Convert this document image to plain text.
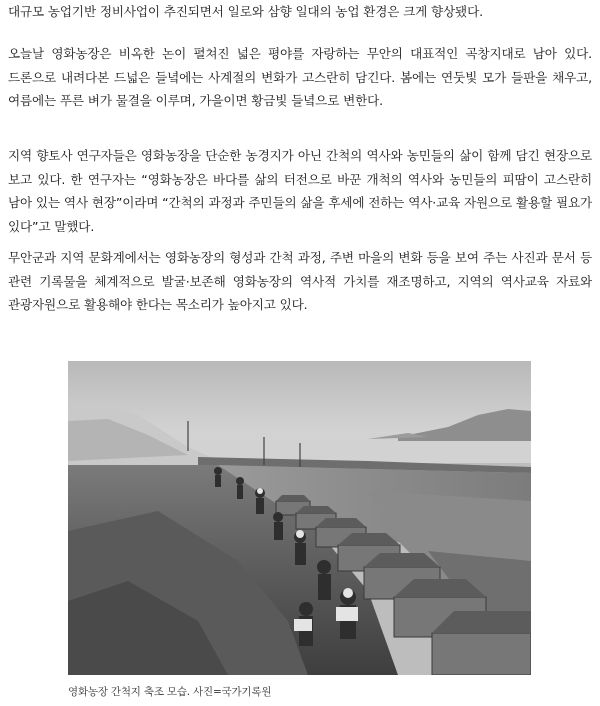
대규모 농업기반 정비사업이 추진되면서 일로와 삼향 일대의 농업 환경은 크게 향상됐다.

오늘날 영화농장은 비옥한 논이 펼쳐진 넓은 평야를 자랑하는 무안의 대표적인 곡창지대로 남아 있다. 드론으로 내려다본 드넓은 들녘에는 사계절의 변화가 고스란히 담긴다. 봄에는 연둣빛 모가 들판을 채우고, 여름에는 푸른 벼가 물결을 이루며, 가을이면 황금빛 들녘으로 변한다.

지역 향토사 연구자들은 영화농장을 단순한 농경지가 아닌 간척의 역사와 농민들의 삶이 함께 담긴 현장으로 보고 있다. 한 연구자는 “영화농장은 바다를 삶의 터전으로 바꾼 개척의 역사와 농민들의 피땀이 고스란히 남아 있는 역사 현장”이라며 “간척의 과정과 주민들의 삶을 후세에 전하는 역사·교육 자원으로 활용할 필요가 있다”고 말했다.

무안군과 지역 문화계에서는 영화농장의 형성과 간척 과정, 주변 마을의 변화 등을 보여 주는 사진과 문서 등 관련 기록물을 체계적으로 발굴·보존해 영화농장의 역사적 가치를 재조명하고, 지역의 역사교육 자료와 관광자원으로 활용해야 한다는 목소리가 높아지고 있다.

영화농장 간척지 축조 모습. 사진=국가기록원
